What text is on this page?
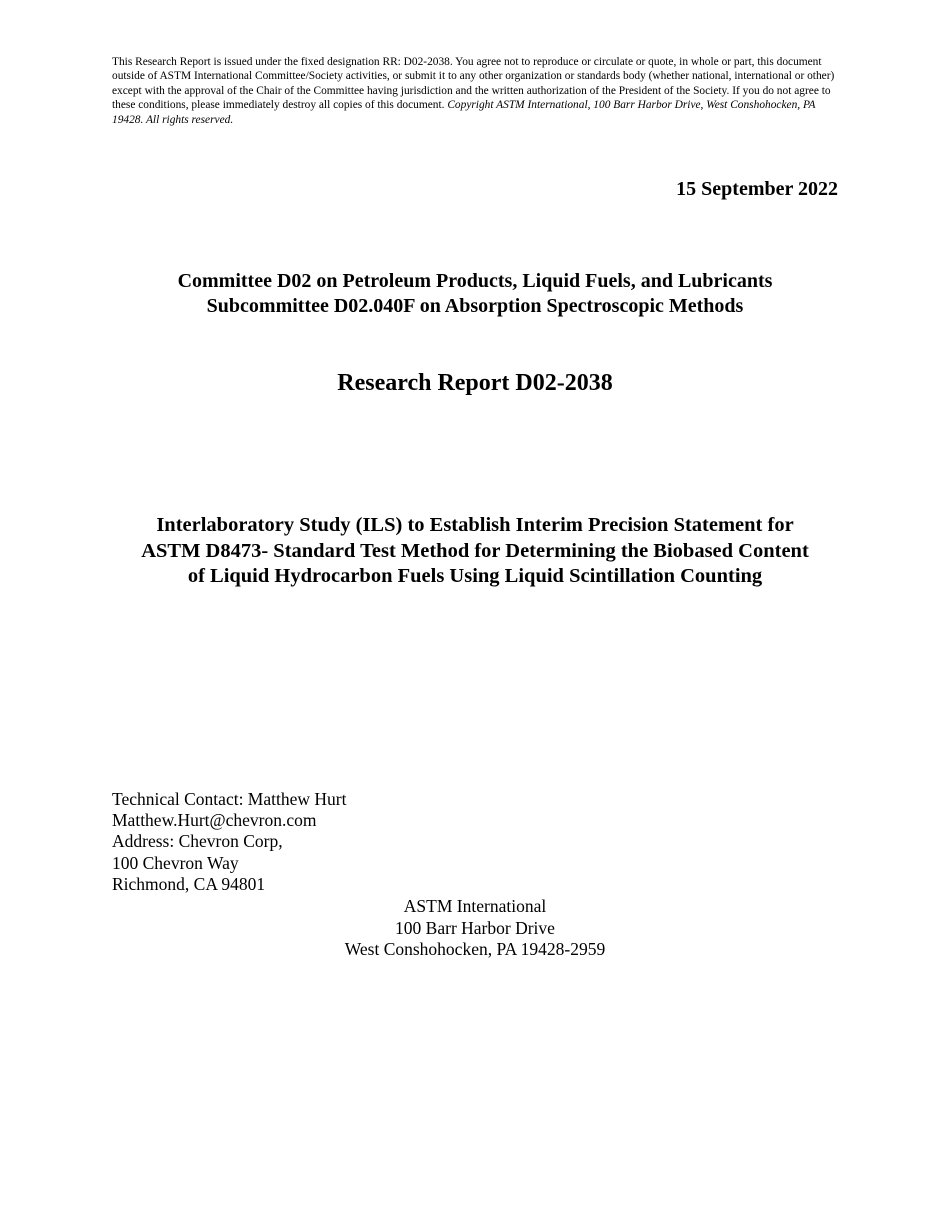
This Research Report is issued under the fixed designation RR: D02-2038. You agree not to reproduce or circulate or quote, in whole or part, this document outside of ASTM International Committee/Society activities, or submit it to any other organization or standards body (whether national, international or other) except with the approval of the Chair of the Committee having jurisdiction and the written authorization of the President of the Society. If you do not agree to these conditions, please immediately destroy all copies of this document. Copyright ASTM International, 100 Barr Harbor Drive, West Conshohocken, PA 19428. All rights reserved.
15 September 2022
Committee D02 on Petroleum Products, Liquid Fuels, and Lubricants
Subcommittee D02.040F on Absorption Spectroscopic Methods
Research Report D02-2038
Interlaboratory Study (ILS) to Establish Interim Precision Statement for
ASTM D8473- Standard Test Method for Determining the Biobased Content
of Liquid Hydrocarbon Fuels Using Liquid Scintillation Counting
Technical Contact: Matthew Hurt
Matthew.Hurt@chevron.com
Address: Chevron Corp,
100 Chevron Way
Richmond, CA 94801
ASTM International
100 Barr Harbor Drive
West Conshohocken, PA 19428-2959
